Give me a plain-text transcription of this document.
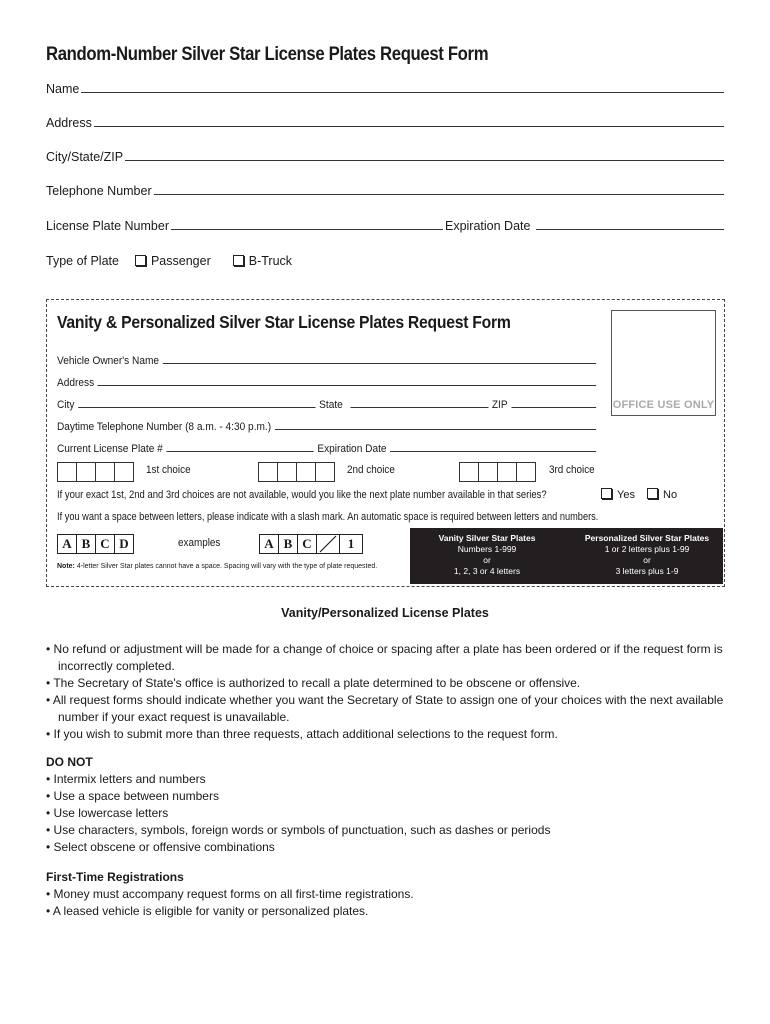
Random-Number Silver Star License Plates Request Form
Name
Address
City/State/ZIP
Telephone Number
License Plate Number	Expiration Date
Type of Plate	Passenger	B-Truck
Vanity & Personalized Silver Star License Plates Request Form
OFFICE USE ONLY
Vehicle Owner's Name
Address
City	State	ZIP
Daytime Telephone Number (8 a.m. - 4:30 p.m.)
Current License Plate #	Expiration Date
1st choice	2nd choice	3rd choice
If your exact 1st, 2nd and 3rd choices are not available, would you like the next plate number available in that series?	Yes	No
If you want a space between letters, please indicate with a slash mark. An automatic space is required between letters and numbers.
A B C D	examples	A B C	1
Note: 4-letter Silver Star plates cannot have a space. Spacing will vary with the type of plate requested.
Vanity Silver Star Plates
Numbers 1-999
or
1, 2, 3 or 4 letters
Personalized Silver Star Plates
1 or 2 letters plus 1-99
or
3 letters plus 1-9
Vanity/Personalized License Plates
• No refund or adjustment will be made for a change of choice or spacing after a plate has been ordered or if the request form is incorrectly completed.
• The Secretary of State's office is authorized to recall a plate determined to be obscene or offensive.
• All request forms should indicate whether you want the Secretary of State to assign one of your choices with the next available number if your exact request is unavailable.
• If you wish to submit more than three requests, attach additional selections to the request form.
DO NOT
• Intermix letters and numbers
• Use a space between numbers
• Use lowercase letters
• Use characters, symbols, foreign words or symbols of punctuation, such as dashes or periods
• Select obscene or offensive combinations
First-Time Registrations
• Money must accompany request forms on all first-time registrations.
• A leased vehicle is eligible for vanity or personalized plates.
